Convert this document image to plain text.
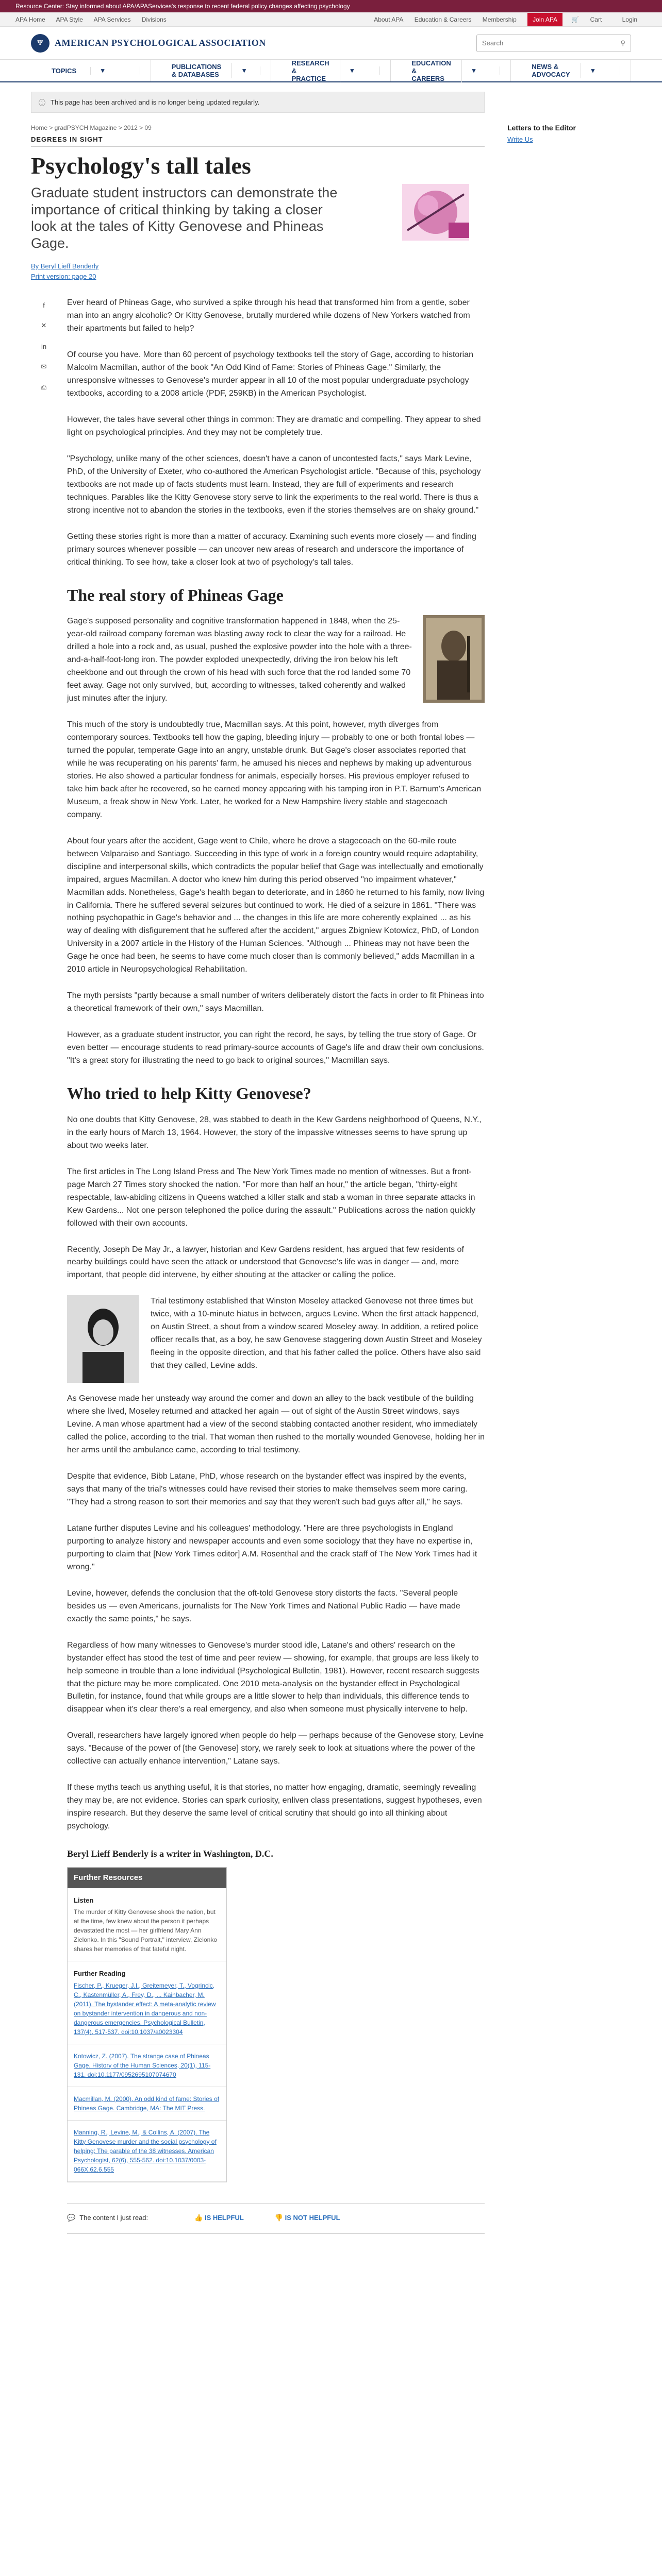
Resource Center : Stay informed about APA/APAServices's response to recent federal policy changes affecting psychology
APA Home APA Style APA Services Divisions	About APA Education & Careers Membership	Join APA 🛒 Cart	Login
Ψ	AMERICAN PSYCHOLOGICAL ASSOCIATION	Search	⚲
TOPICS	▾	PUBLICATIONS & DATABASES
▾
RESEARCH & PRACTICE
▾
EDUCATION & CAREERS
▾	NEWS & ADVOCACY
▾
ⓘ This page has been archived and is no longer being updated regularly.
Home > gradPSYCH Magazine > 2012 > 09
DEGREES IN SIGHT
Psychology's tall tales
Graduate student instructors can demonstrate the importance of critical thinking by taking a closer look at the tales of Kitty Genovese and Phineas Gage.
By Beryl Lieff Benderly
Print version: page 20
f
✕
in
✉
⎙

Ever heard of Phineas Gage, who survived a spike through his head that transformed him from a gentle, sober man into an angry alcoholic? Or Kitty Genovese, brutally murdered while dozens of New Yorkers watched from their apartments but failed to help?

Of course you have. More than 60 percent of psychology textbooks tell the story of Gage, according to historian Malcolm Macmillan, author of the book "An Odd Kind of Fame: Stories of Phineas Gage." Similarly, the unresponsive witnesses to Genovese's murder appear in all 10 of the most popular undergraduate psychology textbooks, according to a 2008 article (PDF, 259KB) in the American Psychologist.

However, the tales have several other things in common: They are dramatic and compelling. They appear to shed light on psychological principles. And they may not be completely true.

"Psychology, unlike many of the other sciences, doesn't have a canon of uncontested facts," says Mark Levine, PhD, of the University of Exeter, who co-authored the American Psychologist article. "Because of this, psychology textbooks are not made up of facts students must learn. Instead, they are full of experiments and research techniques. Parables like the Kitty Genovese story serve to link the experiments to the real world. There is thus a strong incentive not to abandon the stories in the textbooks, even if the stories themselves are on shaky ground."

Getting these stories right is more than a matter of accuracy. Examining such events more closely — and finding primary sources whenever possible — can uncover new areas of research and underscore the importance of critical thinking. To see how, take a closer look at two of psychology's tall tales.

The real story of Phineas Gage

Gage's supposed personality and cognitive transformation happened in 1848, when the 25-year-old railroad company foreman was blasting away rock to clear the way for a railroad. He drilled a hole into a rock and, as usual, pushed the explosive powder into the hole with a three-and-a-half-foot-long iron. The powder exploded unexpectedly, driving the iron below his left cheekbone and out through the crown of his head with such force that the rod landed some 70 feet away. Gage not only survived, but, according to witnesses, talked coherently and walked just minutes after the injury.

This much of the story is undoubtedly true, Macmillan says. At this point, however, myth diverges from contemporary sources. Textbooks tell how the gaping, bleeding injury — probably to one or both frontal lobes — turned the popular, temperate Gage into an angry, unstable drunk. But Gage's closer associates reported that while he was recuperating on his parents' farm, he amused his nieces and nephews by making up adventurous stories. He also showed a particular fondness for animals, especially horses. His previous employer refused to take him back after he recovered, so he earned money appearing with his tamping iron in P.T. Barnum's American Museum, a freak show in New York. Later, he worked for a New Hampshire livery stable and stagecoach company.

About four years after the accident, Gage went to Chile, where he drove a stagecoach on the 60-mile route between Valparaiso and Santiago. Succeeding in this type of work in a foreign country would require adaptability, discipline and interpersonal skills, which contradicts the popular belief that Gage was intellectually and emotionally impaired, argues Macmillan. A doctor who knew him during this period observed "no impairment whatever," Macmillan adds. Nonetheless, Gage's health began to deteriorate, and in 1860 he returned to his family, now living in California. There he suffered several seizures but continued to work. He died of a seizure in 1861. "There was nothing psychopathic in Gage's behavior and ... the changes in this life are more coherently explained ... as his way of dealing with disfigurement that he suffered after the accident," argues Zbigniew Kotowicz, PhD, of London University in a 2007 article in the History of the Human Sciences. "Although ... Phineas may not have been the Gage he once had been, he seems to have come much closer than is commonly believed," adds Macmillan in a 2010 article in Neuropsychological Rehabilitation.

The myth persists "partly because a small number of writers deliberately distort the facts in order to fit Phineas into a theoretical framework of their own," says Macmillan.

However, as a graduate student instructor, you can right the record, he says, by telling the true story of Gage. Or even better — encourage students to read primary-source accounts of Gage's life and draw their own conclusions. "It's a great story for illustrating the need to go back to original sources," Macmillan says.

Who tried to help Kitty Genovese?

No one doubts that Kitty Genovese, 28, was stabbed to death in the Kew Gardens neighborhood of Queens, N.Y., in the early hours of March 13, 1964. However, the story of the impassive witnesses seems to have sprung up about two weeks later.

The first articles in The Long Island Press and The New York Times made no mention of witnesses. But a front-page March 27 Times story shocked the nation. "For more than half an hour," the article began, "thirty-eight respectable, law-abiding citizens in Queens watched a killer stalk and stab a woman in three separate attacks in Kew Gardens... Not one person telephoned the police during the assault." Publications across the nation quickly followed with their own accounts.

Recently, Joseph De May Jr., a lawyer, historian and Kew Gardens resident, has argued that few residents of nearby buildings could have seen the attack or understood that Genovese's life was in danger — and, more important, that people did intervene, by either shouting at the attacker or calling the police.

Trial testimony established that Winston Moseley attacked Genovese not three times but twice, with a 10-minute hiatus in between, argues Levine. When the first attack happened, on Austin Street, a shout from a window scared Moseley away. In addition, a retired police officer recalls that, as a boy, he saw Genovese staggering down Austin Street and Moseley fleeing in the opposite direction, and that his father called the police. Others have also said that they called, Levine adds.

As Genovese made her unsteady way around the corner and down an alley to the back vestibule of the building where she lived, Moseley returned and attacked her again — out of sight of the Austin Street windows, says Levine. A man whose apartment had a view of the second stabbing contacted another resident, who immediately called the police, according to the trial. That woman then rushed to the mortally wounded Genovese, holding her in her arms until the ambulance came, according to trial testimony.

Despite that evidence, Bibb Latane, PhD, whose research on the bystander effect was inspired by the events, says that many of the trial's witnesses could have revised their stories to make themselves seem more caring. "They had a strong reason to sort their memories and say that they weren't such bad guys after all," he says.

Latane further disputes Levine and his colleagues' methodology. "Here are three psychologists in England purporting to analyze history and newspaper accounts and even some sociology that they have no expertise in, purporting to claim that [New York Times editor] A.M. Rosenthal and the crack staff of The New York Times had it wrong."

Levine, however, defends the conclusion that the oft-told Genovese story distorts the facts. "Several people besides us — even Americans, journalists for The New York Times and National Public Radio — have made exactly the same points," he says.

Regardless of how many witnesses to Genovese's murder stood idle, Latane's and others' research on the bystander effect has stood the test of time and peer review — showing, for example, that groups are less likely to help someone in trouble than a lone individual (Psychological Bulletin, 1981). However, recent research suggests that the picture may be more complicated. One 2010 meta-analysis on the bystander effect in Psychological Bulletin, for instance, found that while groups are a little slower to help than individuals, this difference tends to disappear when it's clear there's a real emergency, and also when someone must physically intervene to help.

Overall, researchers have largely ignored when people do help — perhaps because of the Genovese story, Levine says. "Because of the power of [the Genovese] story, we rarely seek to look at situations where the power of the collective can actually enhance intervention," Latane says.

If these myths teach us anything useful, it is that stories, no matter how engaging, dramatic, seemingly revealing they may be, are not evidence. Stories can spark curiosity, enliven class presentations, suggest hypotheses, even inspire research. But they deserve the same level of critical scrutiny that should go into all thinking about psychology.

Beryl Lieff Benderly is a writer in Washington, D.C.
Further Resources
Listen
The murder of Kitty Genovese shook the nation, but at the time, few knew about the person it perhaps devastated the most — her girlfriend Mary Ann Zielonko. In this "Sound Portrait," interview, Zielonko shares her memories of that fateful night.
Further Reading
Fischer, P., Krueger, J.I., Greitemeyer, T., Vogrincic, C., Kastenmüller, A., Frey, D., ... Kainbacher, M. (2011). The bystander effect: A meta-analytic review on bystander intervention in dangerous and non-dangerous emergencies. Psychological Bulletin, 137(4), 517-537. doi:10.1037/a0023304
Kotowicz, Z. (2007). The strange case of Phineas Gage. History of the Human Sciences, 20(1), 115-131. doi:10.1177/0952695107074670
Macmillan, M. (2000). An odd kind of fame: Stories of Phineas Gage. Cambridge, MA: The MIT Press.
Manning, R., Levine, M., & Collins, A. (2007). The Kitty Genovese murder and the social psychology of helping: The parable of the 38 witnesses. American Psychologist, 62(6), 555-562. doi:10.1037/0003-066X.62.6.555
💬 The content I just read:	👍 IS HELPFUL	👎 IS NOT HELPFUL
Letters to the Editor
Write Us
